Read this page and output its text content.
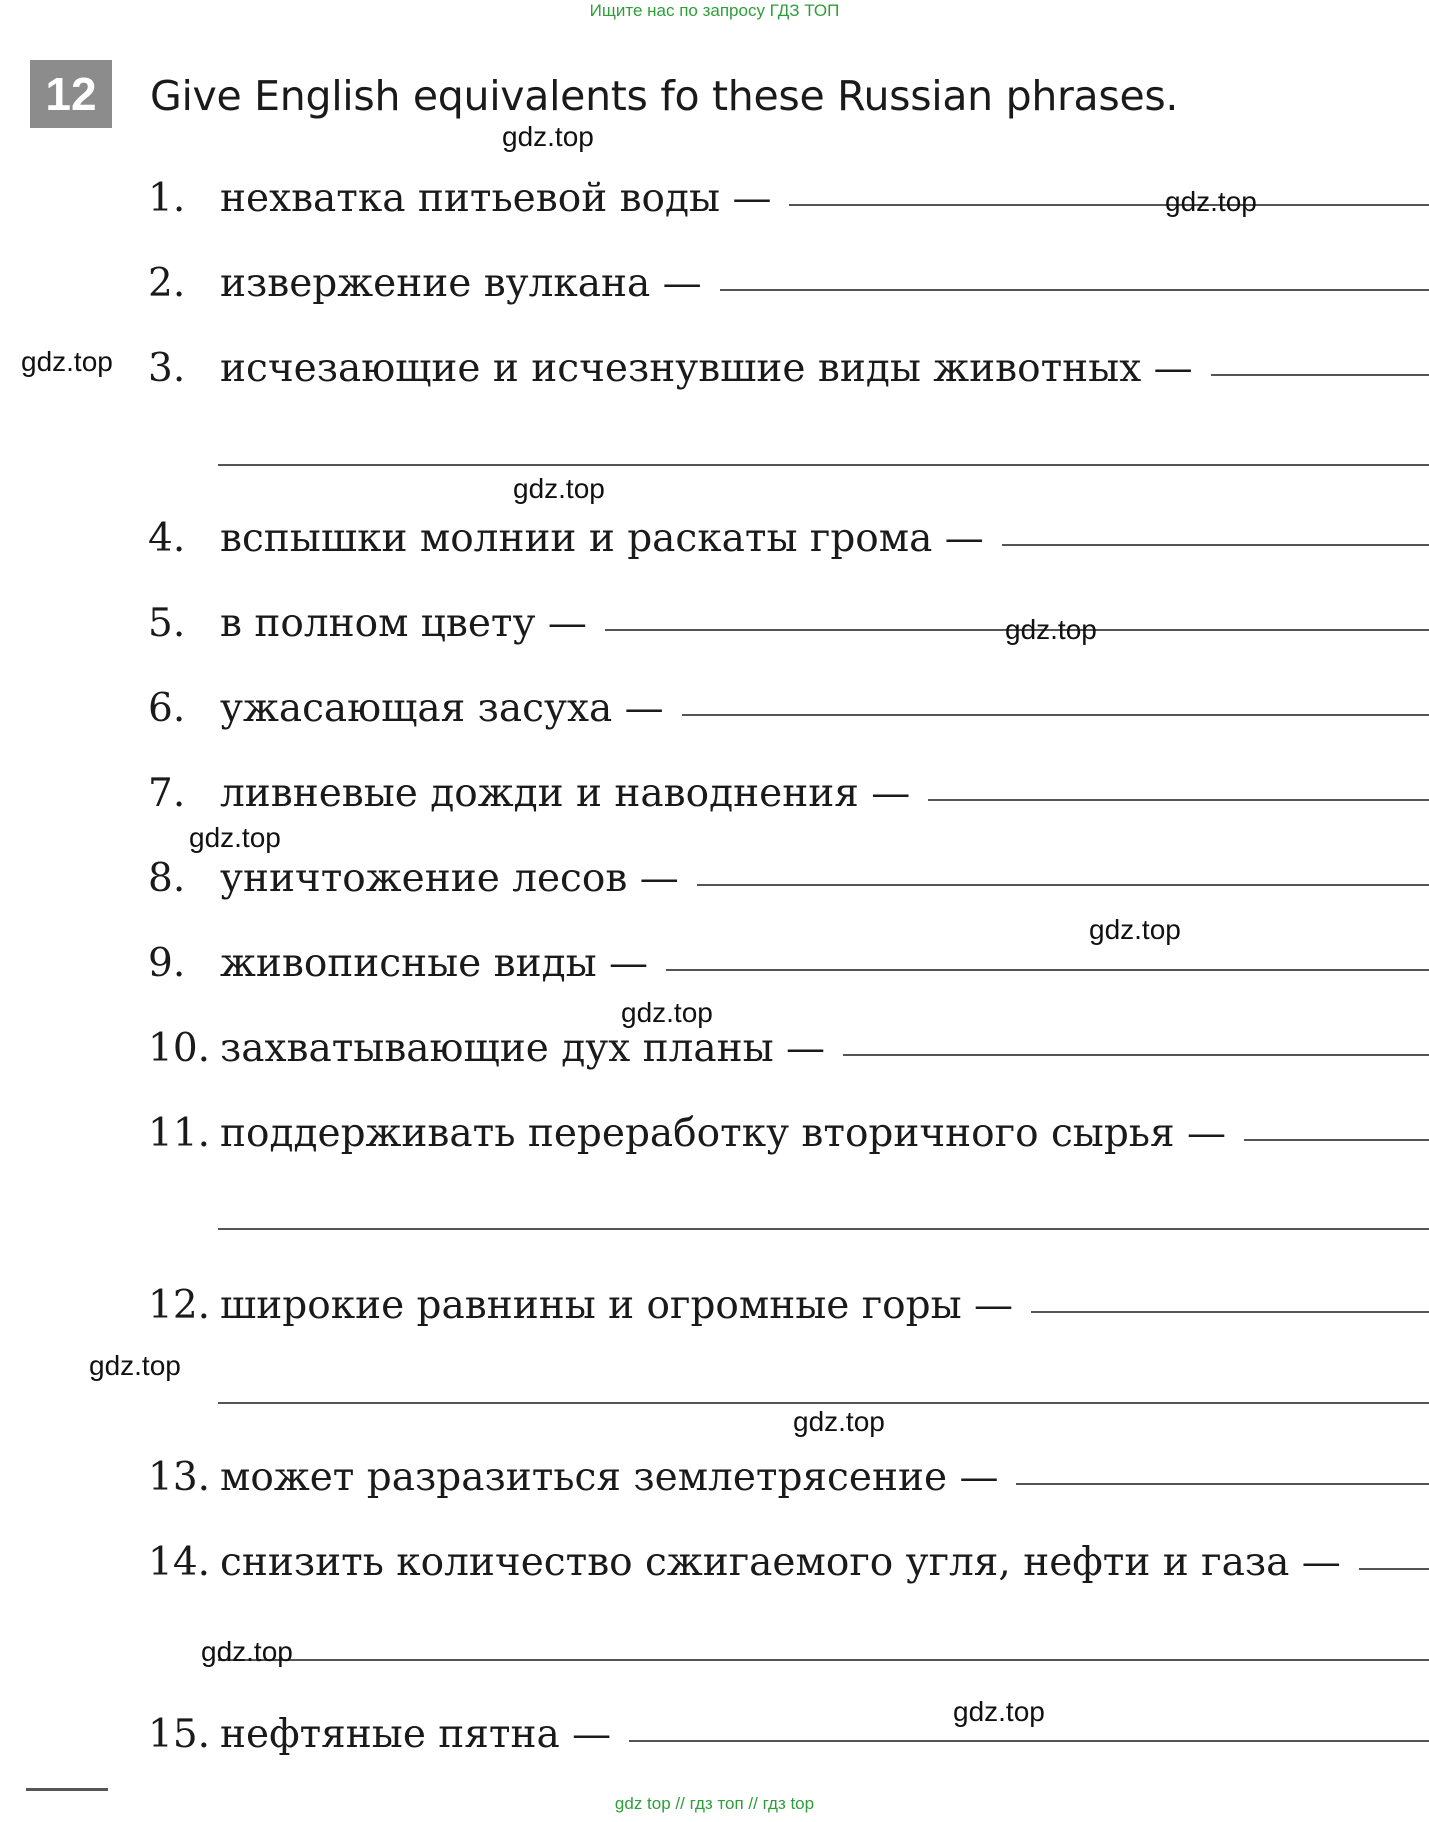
Ищите нас по запросу ГДЗ ТОП
12	Give English equivalents fo these Russian phrases.
1. нехватка питьевой воды —
2. извержение вулкана —
3. исчезающие и исчезнувшие виды животных —
4. вспышки молнии и раскаты грома —
5. в полном цвету —
6. ужасающая засуха —
7. ливневые дожди и наводнения —
8. уничтожение лесов —
9. живописные виды —
10. захватывающие дух планы —
11. поддерживать переработку вторичного сырья —
12. широкие равнины и огромные горы —
13. может разразиться землетрясение —
14. снизить количество сжигаемого угля, нефти и газа —
15. нефтяные пятна —
gdz.top
gdz.top
gdz.top
gdz.top
gdz.top
gdz.top
gdz.top
gdz.top
gdz.top
gdz.top
gdz.top
gdz.top
gdz top // гдз топ // гдз top
